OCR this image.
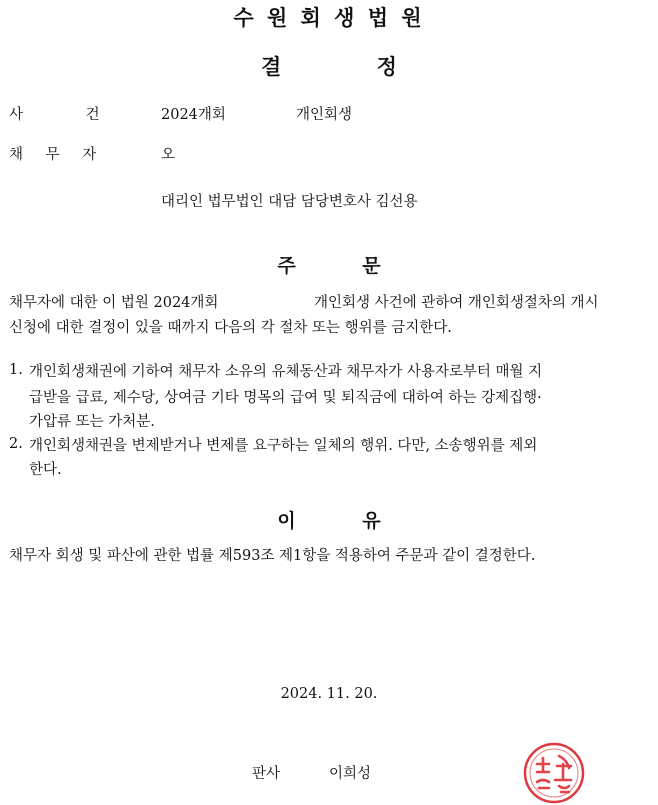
수 원 회 생 법 원
결 정
사 건	2024개회	개인회생
채 무 자	오
대리인 법무법인 대담 담당변호사 김선용
주 문
채무자에 대한 이 법원 2024개회	개인회생 사건에 관하여 개인회생절차의 개시
신청에 대한 결정이 있을 때까지 다음의 각 절차 또는 행위를 금지한다.
1. 개인회생채권에 기하여 채무자 소유의 유체동산과 채무자가 사용자로부터 매월 지
급받을 급료, 제수당, 상여금 기타 명목의 급여 및 퇴직금에 대하여 하는 강제집행·
가압류 또는 가처분.
2. 개인회생채권을 변제받거나 변제를 요구하는 일체의 행위. 다만, 소송행위를 제외
한다.
이 유
채무자 회생 및 파산에 관한 법률 제593조 제1항을 적용하여 주문과 같이 결정한다.
2024. 11. 20.
판사	이희성
